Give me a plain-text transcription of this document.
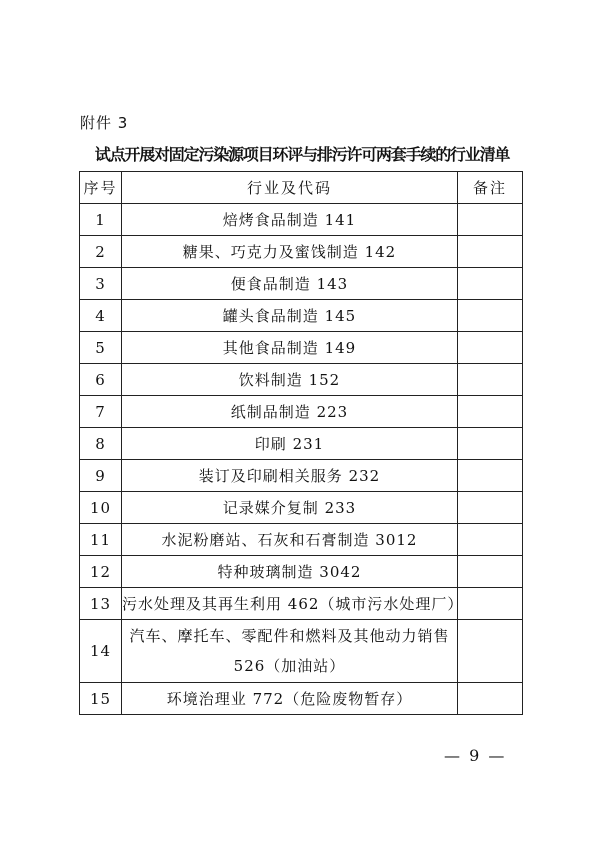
附件 3
试点开展对固定污染源项目环评与排污许可两套手续的行业清单
序号	行业及代码	备注
1	焙烤食品制造 141	
2	糖果、巧克力及蜜饯制造 142	
3	便食品制造 143	
4	罐头食品制造 145	
5	其他食品制造 149	
6	饮料制造 152	
7	纸制品制造 223	
8	印刷 231	
9	装订及印刷相关服务 232	
10	记录媒介复制 233	
11	水泥粉磨站、石灰和石膏制造 3012	
12	特种玻璃制造 3042	
13	污水处理及其再生利用 462（城市污水处理厂）	
14	汽车、摩托车、零配件和燃料及其他动力销售 526（加油站）	
15	环境治理业 772（危险废物暂存）	
— 9 —
